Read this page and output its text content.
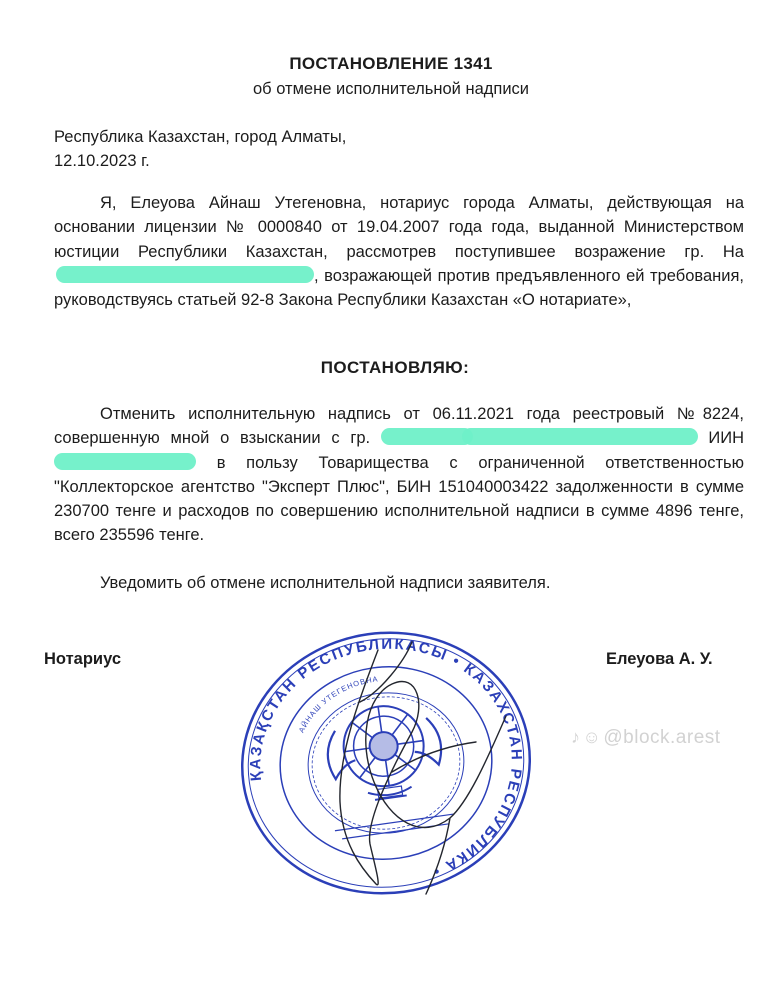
ПОСТАНОВЛЕНИЕ 1341
об отмене исполнительной надписи
Республика Казахстан, город Алматы,
12.10.2023 г.
Я, Елеуова Айнаш Утегеновна, нотариус города Алматы, действующая на основании лицензии № 0000840 от 19.04.2007 года года, выданной Министерством юстиции Республики Казахстан, рассмотрев поступившее возражение гр. На, возражающей против предъявленного ей требования, руководствуясь статьей 92-8 Закона Республики Казахстан «О нотариате»,
ПОСТАНОВЛЯЮ:
Отменить исполнительную надпись от 06.11.2021 года реестровый №8224, совершенную мной о взыскании с гр.	ИИН  в пользу Товарищества с ограниченной ответственностью "Коллекторское агентство "Эксперт Плюс", БИН 151040003422 задолженности в сумме 230700 тенге и расходов по совершению исполнительной надписи в сумме 4896 тенге, всего 235596 тенге.
Уведомить об отмене исполнительной надписи заявителя.
Нотариус	Елеуова А. У.
ҚАЗАҚСТАН РЕСПУБЛИКАСЫ • КАЗАХСТАН РЕСПУБЛИКА •
АЙНАШ УТЕГЕНОВНА
♪ ☺ @block.arest
